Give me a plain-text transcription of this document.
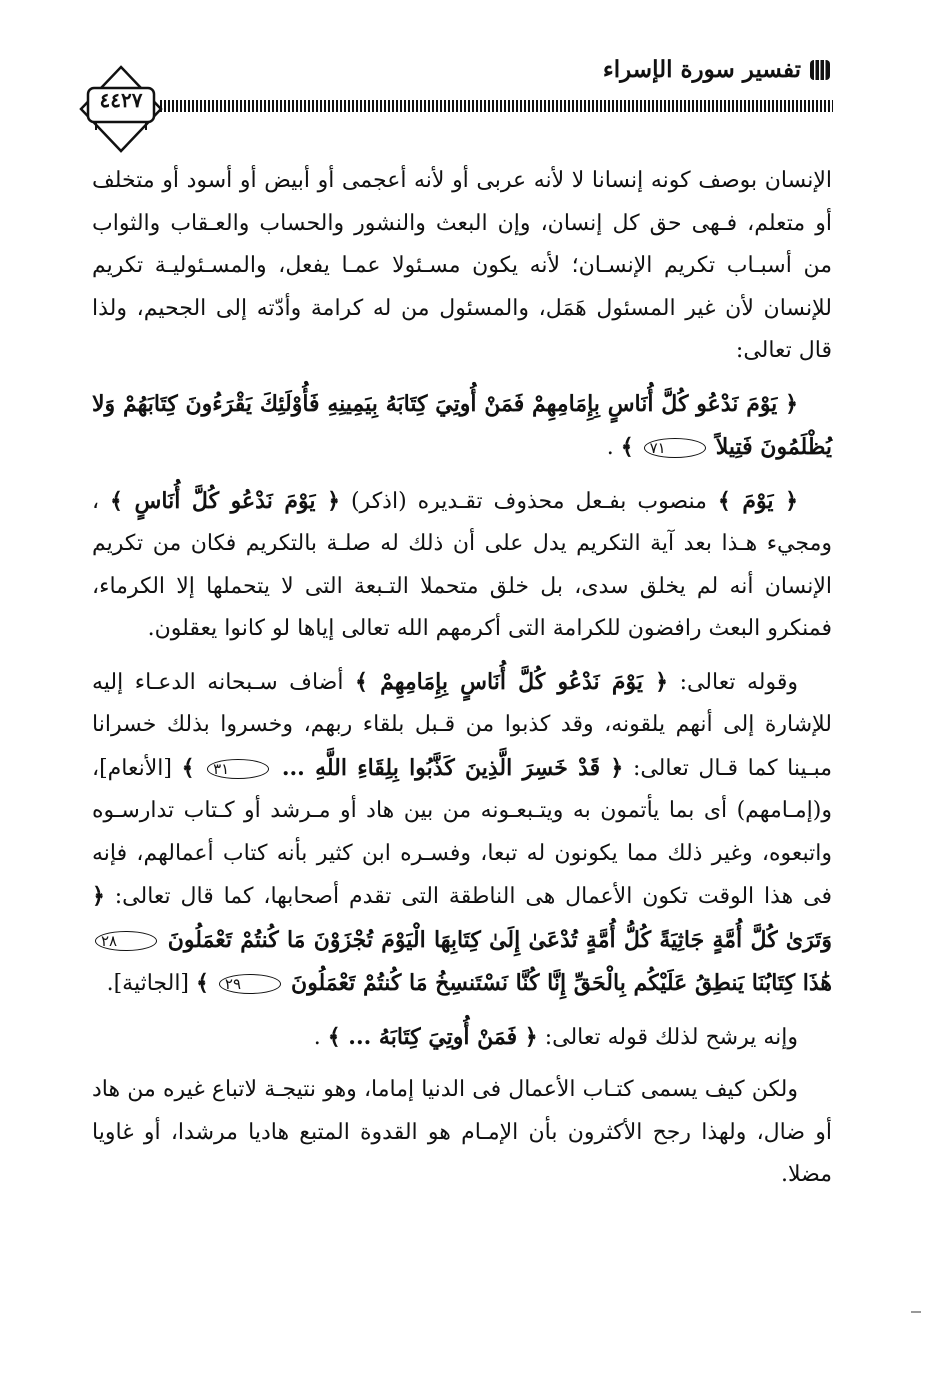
تفسير سورة الإسراء
٤٤٢٧

الإنسان بوصف كونه إنسانا لا لأنه عربى أو لأنه أعجمى أو أبيض أو أسود أو متخلف أو متعلم، فـهى حق كل إنسان، وإن البعث والنشور والحساب والعـقاب والثواب من أسبـاب تكريم الإنسـان؛ لأنه يكون مسـئولا عمـا يفعل، والمسـئوليـة تكريم للإنسان لأن غير المسئول هَمَل، والمسئول من له كرامة وأدّته إلى الجحيم، ولذا قال تعالى:

﴿ يَوْمَ نَدْعُو كُلَّ أُنَاسٍ بِإِمَامِهِمْ فَمَنْ أُوتِيَ كِتَابَهُ بِيَمِينِهِ فَأُوْلَئِكَ يَقْرَءُونَ كِتَابَهُمْ وَلا يُظْلَمُونَ فَتِيلاً ٧١ ﴾ .

﴿ يَوْمَ ﴾ منصوب بفـعل محذوف تقـديره (اذكر) ﴿ يَوْمَ نَدْعُو كُلَّ أُنَاسٍ ﴾ ، ومجيء هـذا بعد آية التكريم يدل على أن ذلك له صلـة بالتكريم فكان من تكريم الإنسان أنه لم يخلق سدى، بل خلق متحملا التـبعة التى لا يتحملها إلا الكرماء، فمنكرو البعث رافضون للكرامة التى أكرمهم الله تعالى إياها لو كانوا يعقلون.

وقوله تعالى: ﴿ يَوْمَ نَدْعُو كُلَّ أُنَاسٍ بِإِمَامِهِمْ ﴾ أضاف سـبحانه الدعـاء إليه للإشارة إلى أنهم يلقونه، وقد كذبوا من قـبل بلقاء ربهم، وخسروا بذلك خسرانا مبـينا كما قـال تعالى: ﴿ قَدْ خَسِرَ الَّذِينَ كَذَّبُوا بِلِقَاءِ اللَّهِ ... ٣١ ﴾ [الأنعام]، و(إمـامهم) أى بما يأتمون به ويتـبعـونه من بين هاد أو مـرشد أو كـتاب تدارسـوه واتبعوه، وغير ذلك مما يكونون له تبعا، وفسـره ابن كثير بأنه كتاب أعمالهم، فإنه فى هذا الوقت تكون الأعمال هى الناطقة التى تقدم أصحابها، كما قال تعالى: ﴿ وَتَرَىٰ كُلَّ أُمَّةٍ جَاثِيَةً كُلُّ أُمَّةٍ تُدْعَىٰ إِلَىٰ كِتَابِهَا الْيَوْمَ تُجْزَوْنَ مَا كُنتُمْ تَعْمَلُونَ ٢٨ هَٰذَا كِتَابُنَا يَنطِقُ عَلَيْكُم بِالْحَقِّ إِنَّا كُنَّا نَسْتَنسِخُ مَا كُنتُمْ تَعْمَلُونَ ٢٩ ﴾ [الجاثية].

وإنه يرشح لذلك قوله تعالى: ﴿ فَمَنْ أُوتِيَ كِتَابَهُ ... ﴾ .

ولكن كيف يسمى كتـاب الأعمال فى الدنيا إماما، وهو نتيجـة لاتباع غيره من هاد أو ضال، ولهذا رجح الأكثرون بأن الإمـام هو القدوة المتبع هاديا مرشدا، أو غاويا مضلا.
